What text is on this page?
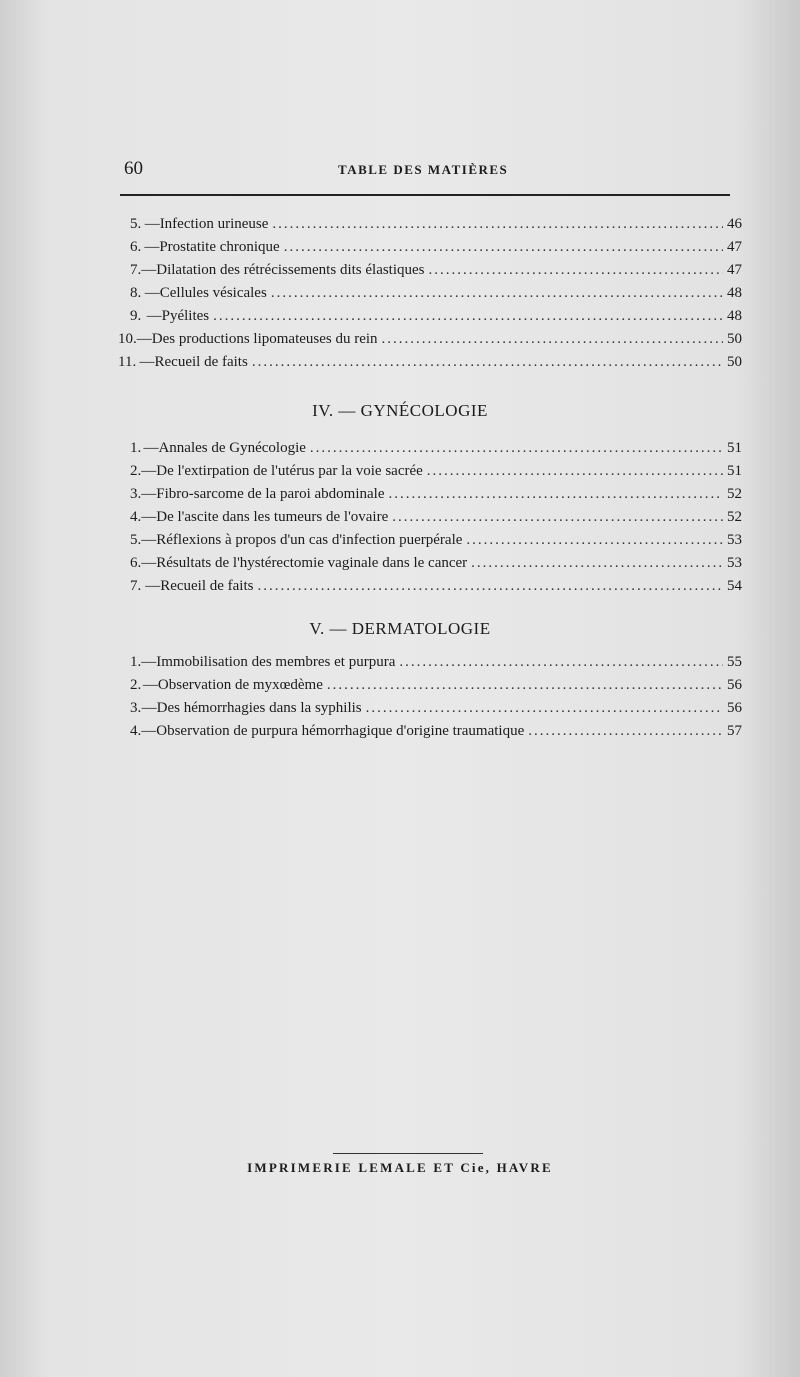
60	TABLE DES MATIÈRES
5. — Infection urineuse .....	46
6. — Prostatite chronique .....	47
7. — Dilatation des rétrécissements dits élastiques .....	47
8. — Cellules vésicales .....	48
9. — Pyélites .....	48
10. — Des productions lipomateuses du rein .....	50
11. — Recueil de faits .....	50
IV. — GYNÉCOLOGIE
1. — Annales de Gynécologie .....	51
2. — De l'extirpation de l'utérus par la voie sacrée .....	51
3. — Fibro-sarcome de la paroi abdominale .....	52
4. — De l'ascite dans les tumeurs de l'ovaire .....	52
5. — Réflexions à propos d'un cas d'infection puerpérale .....	53
6. — Résultats de l'hystérectomie vaginale dans le cancer .....	53
7. — Recueil de faits .....	54
V. — DERMATOLOGIE
1. — Immobilisation des membres et purpura .....	55
2. — Observation de myxœdème .....	56
3. — Des hémorrhagies dans la syphilis .....	56
4. — Observation de purpura hémorrhagique d'origine traumatique .....	57
IMPRIMERIE LEMALE ET Cie, HAVRE
